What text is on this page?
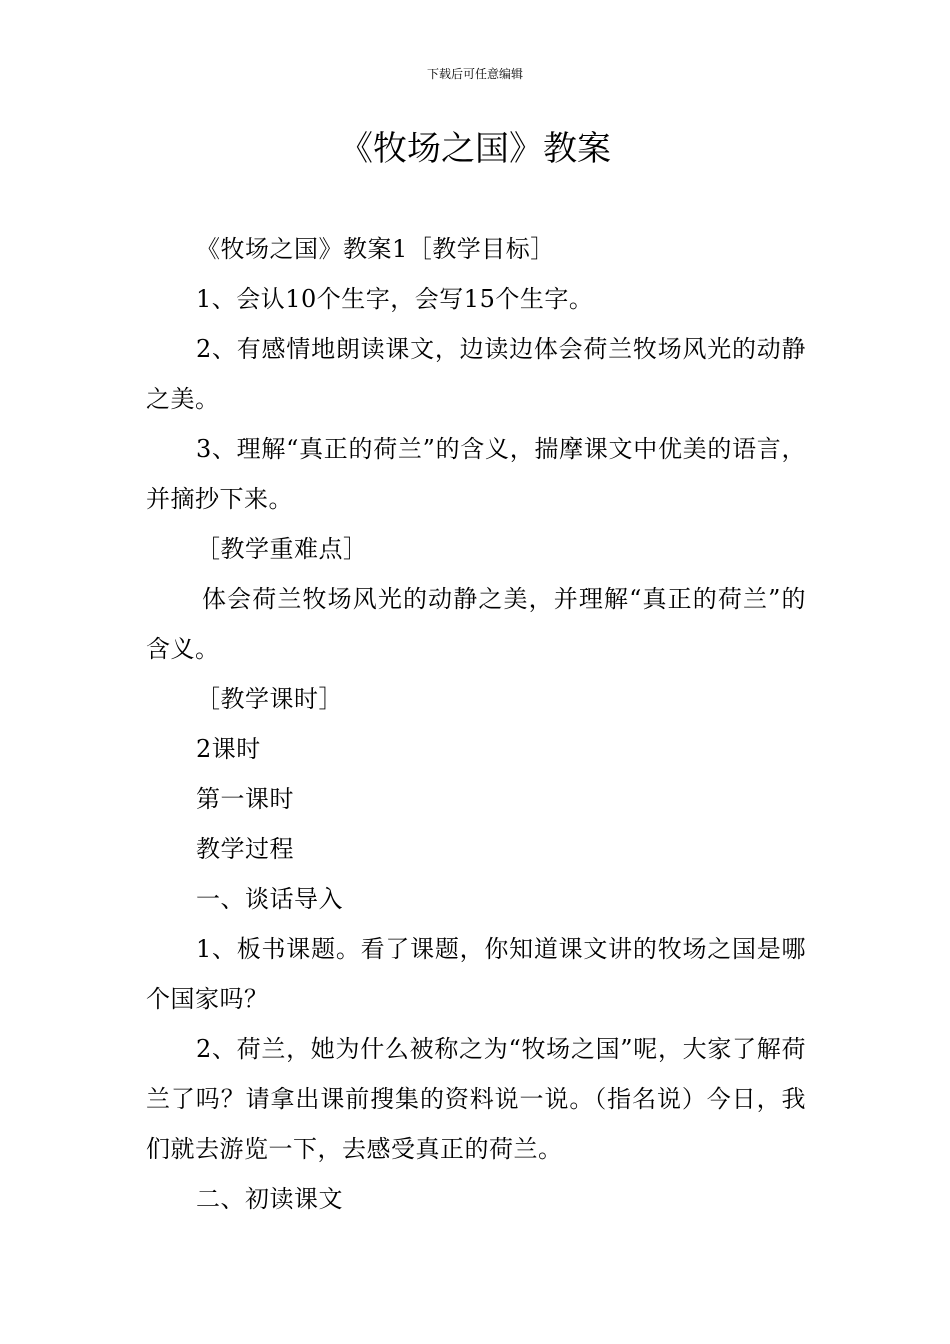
下载后可任意编辑
《牧场之国》教案

《牧场之国》教案1［教学目标］

1、会认10个生字，会写15个生字。

2、有感情地朗读课文，边读边体会荷兰牧场风光的动静之美。

3、理解“真正的荷兰”的含义，揣摩课文中优美的语言，并摘抄下来。

［教学重难点］

体会荷兰牧场风光的动静之美，并理解“真正的荷兰”的含义。

［教学课时］

2课时

第一课时

教学过程

一、谈话导入

1、板书课题。看了课题，你知道课文讲的牧场之国是哪个国家吗？

2、荷兰，她为什么被称之为“牧场之国”呢，大家了解荷兰了吗？请拿出课前搜集的资料说一说。（指名说）今日，我们就去游览一下，去感受真正的荷兰。

二、初读课文
